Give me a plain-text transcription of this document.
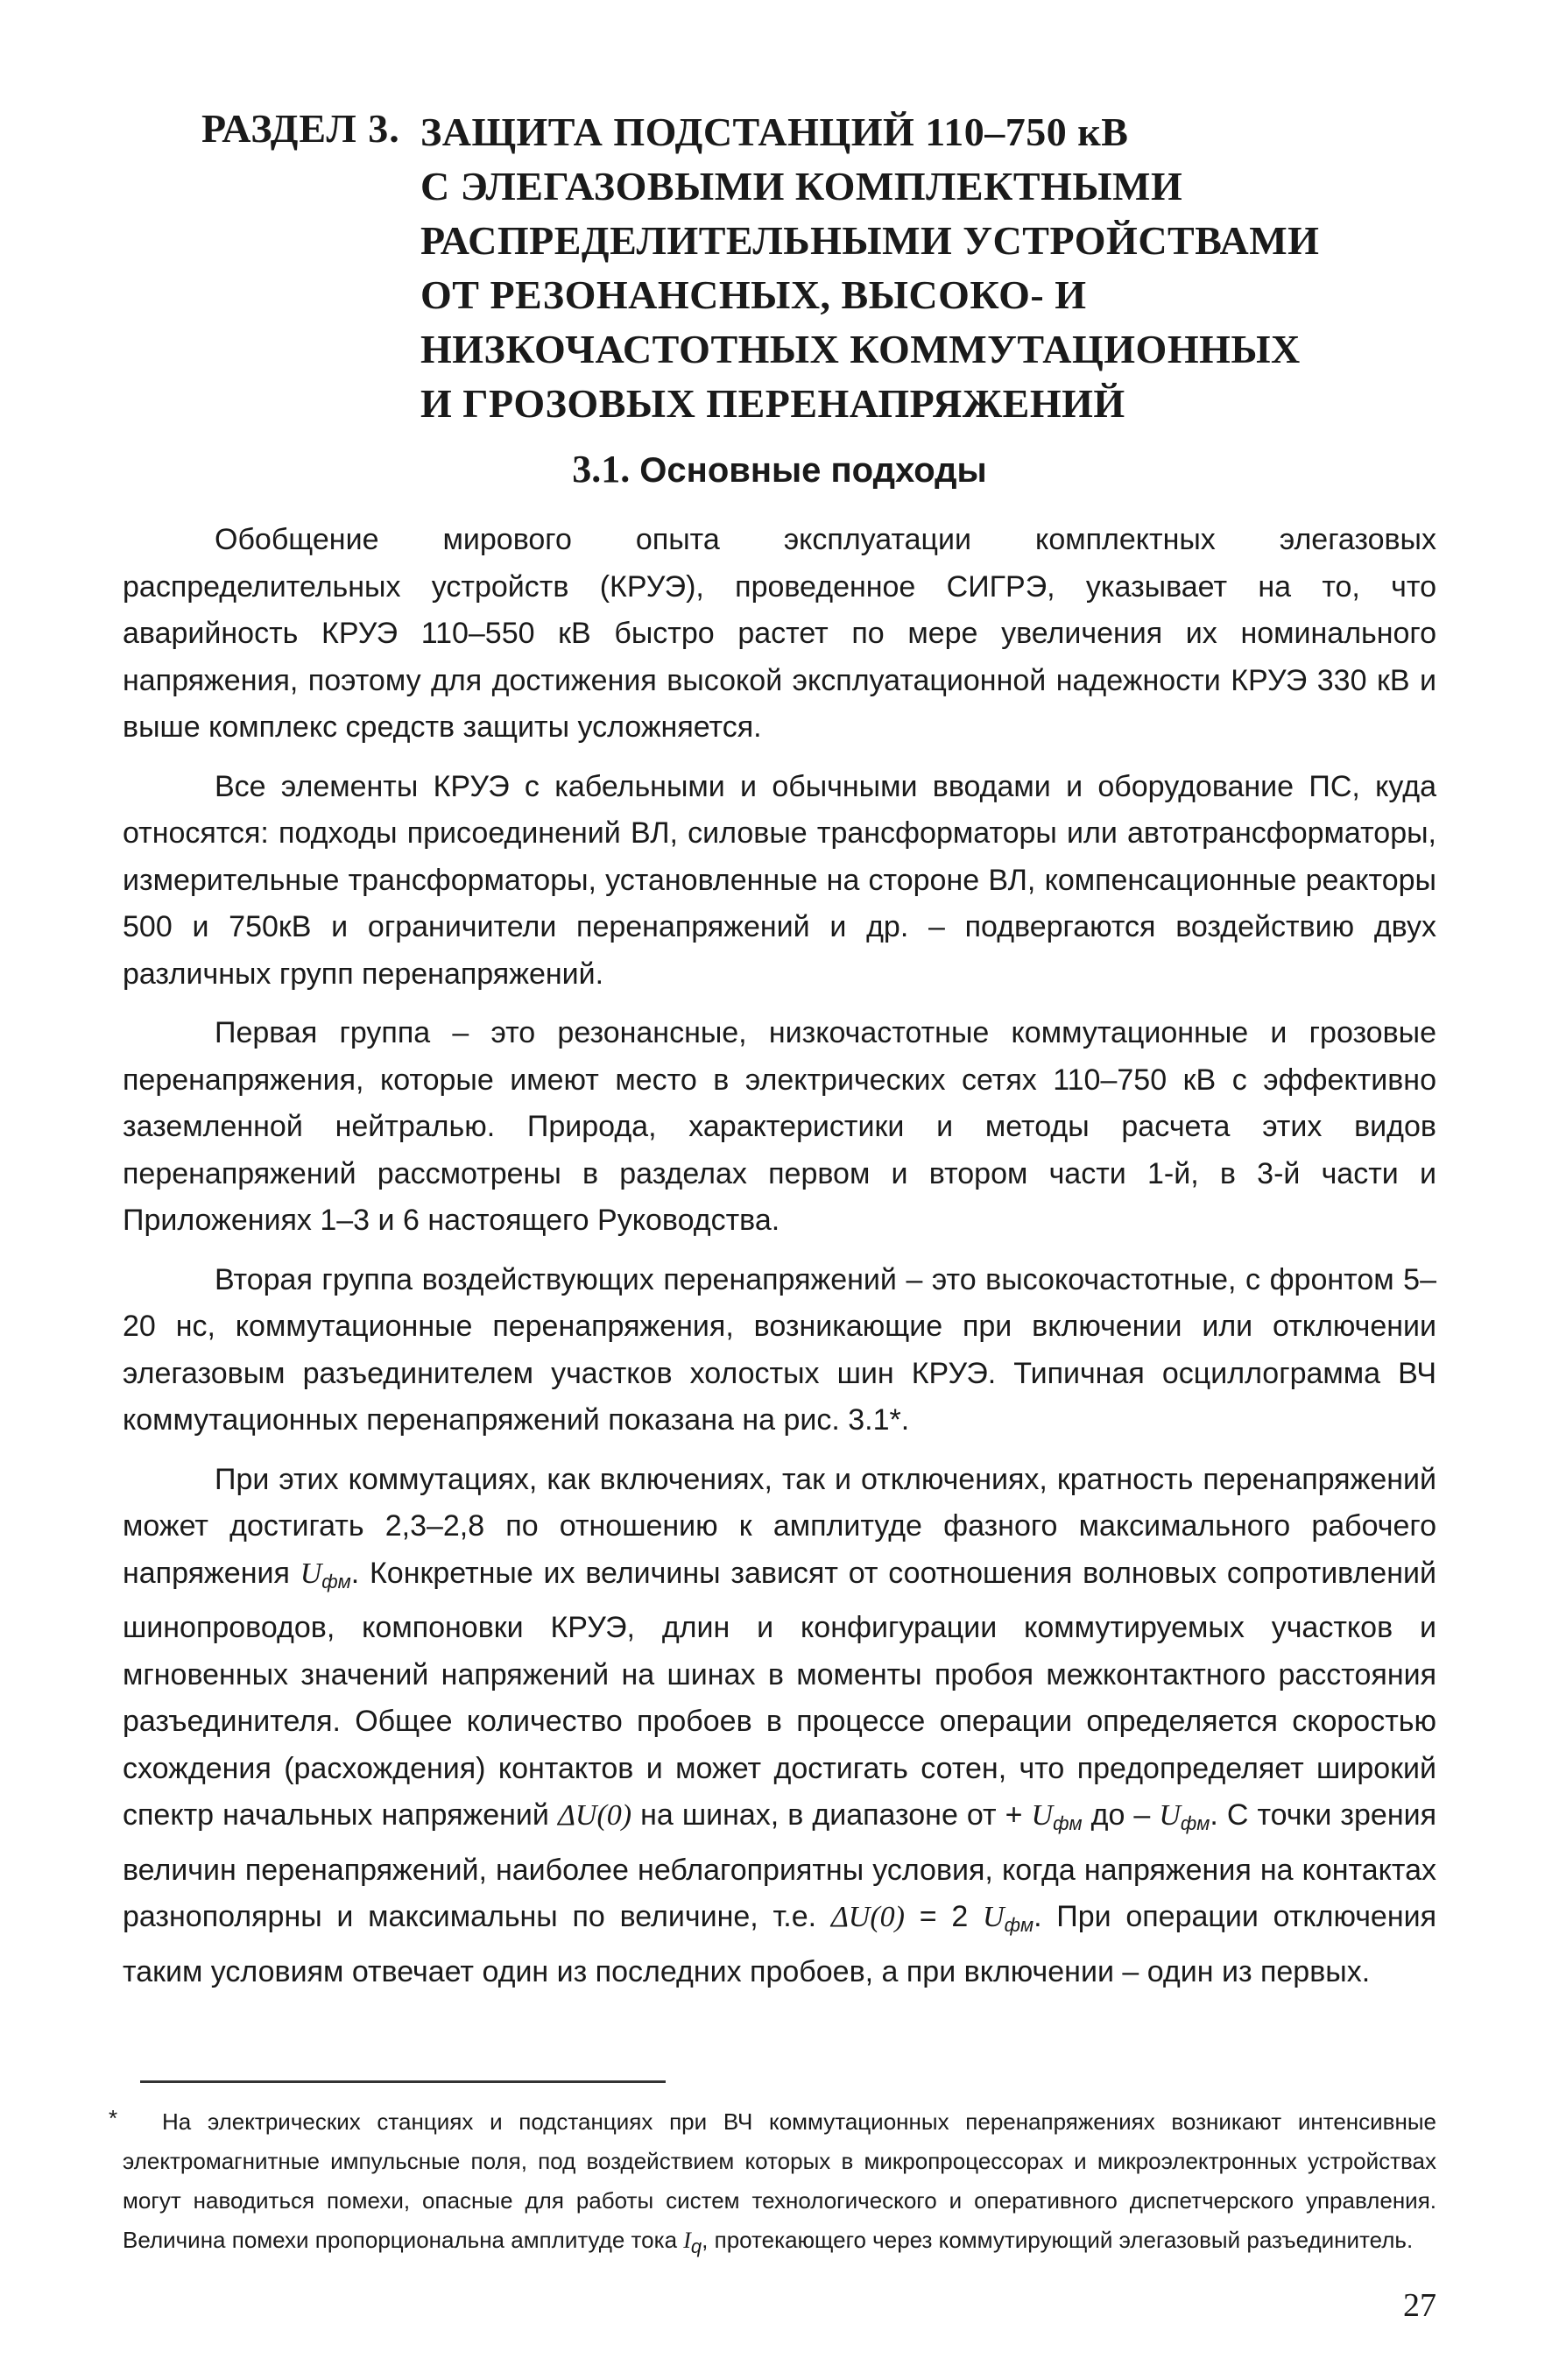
РАЗДЕЛ 3. ЗАЩИТА ПОДСТАНЦИЙ 110–750 кВ
С ЭЛЕГАЗОВЫМИ КОМПЛЕКТНЫМИ
РАСПРЕДЕЛИТЕЛЬНЫМИ УСТРОЙСТВАМИ
ОТ РЕЗОНАНСНЫХ, ВЫСОКО- И
НИЗКОЧАСТОТНЫХ КОММУТАЦИОННЫХ
И ГРОЗОВЫХ ПЕРЕНАПРЯЖЕНИЙ
3.1. Основные подходы

Обобщение мирового опыта эксплуатации комплектных элегазовых распределительных устройств (КРУЭ), проведенное СИГРЭ, указывает на то, что аварийность КРУЭ 110–550 кВ быстро растет по мере увеличения их номинального напряжения, поэтому для достижения высокой эксплуатационной надежности КРУЭ 330 кВ и выше комплекс средств защиты усложняется.

Все элементы КРУЭ с кабельными и обычными вводами и оборудование ПС, куда относятся: подходы присоединений ВЛ, силовые трансформаторы или автотрансформаторы, измерительные трансформаторы, установленные на стороне ВЛ, компенсационные реакторы 500 и 750кВ и ограничители перенапряжений и др. – подвергаются воздействию двух различных групп перенапряжений.

Первая группа – это резонансные, низкочастотные коммутационные и грозовые перенапряжения, которые имеют место в электрических сетях 110–750 кВ с эффективно заземленной нейтралью. Природа, характеристики и методы расчета этих видов перенапряжений рассмотрены в разделах первом и втором части 1-й, в 3-й части и Приложениях 1–3 и 6 настоящего Руководства.

Вторая группа воздействующих перенапряжений – это высокочастотные, с фронтом 5–20 нс, коммутационные перенапряжения, возникающие при включении или отключении элегазовым разъединителем участков холостых шин КРУЭ. Типичная осциллограмма ВЧ коммутационных перенапряжений показана на рис. 3.1*.

При этих коммутациях, как включениях, так и отключениях, кратность перенапряжений может достигать 2,3–2,8 по отношению к амплитуде фазного максимального рабочего напряжения $U_{фм}$. Конкретные их величины зависят от соотношения волновых сопротивлений шинопроводов, компоновки КРУЭ, длин и конфигурации коммутируемых участков и мгновенных значений напряжений на шинах в моменты пробоя межконтактного расстояния разъединителя. Общее количество пробоев в процессе операции определяется скоростью схождения (расхождения) контактов и может достигать сотен, что предопределяет широкий спектр начальных напряжений ΔU(0) на шинах, в диапазоне от + $U_{фм}$ до – $U_{фм}$. С точки зрения величин перенапряжений, наиболее неблагоприятны условия, когда напряжения на контактах разнополярны и максимальны по величине, т.е. ΔU(0) = 2 $U_{фм}$. При операции отключения таким условиям отвечает один из последних пробоев, а при включении – один из первых.

*	На электрических станциях и подстанциях при ВЧ коммутационных перенапряжениях возникают интенсивные электромагнитные импульсные поля, под воздействием которых в микропроцессорах и микроэлектронных устройствах могут наводиться помехи, опасные для работы систем технологического и оперативного диспетчерского управления. Величина помехи пропорциональна амплитуде тока $I_q$, протекающего через коммутирующий элегазовый разъединитель.
27
